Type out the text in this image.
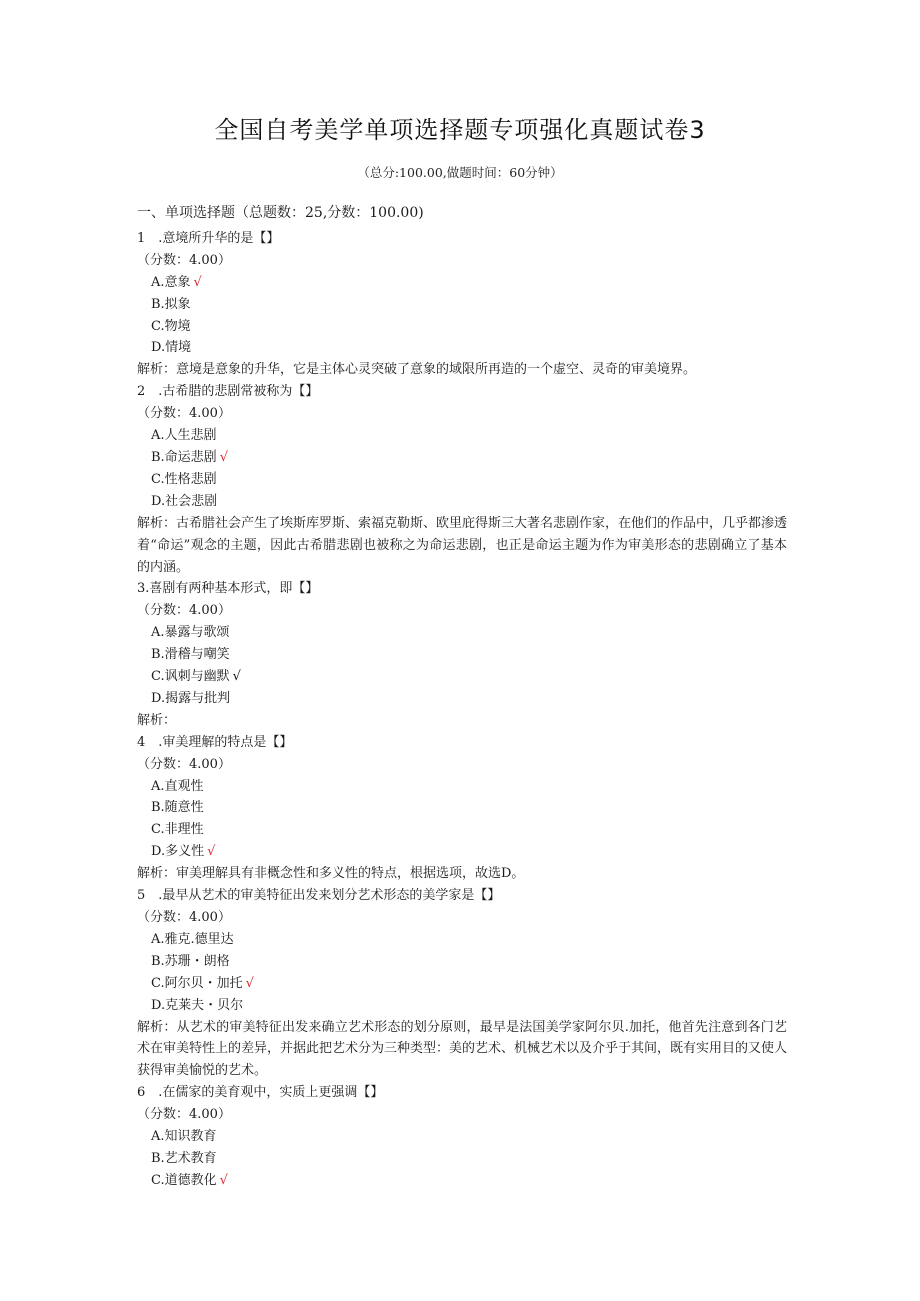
全国自考美学单项选择题专项强化真题试卷3
（总分:100.00,做题时间：60分钟）
一、单项选择题（总题数：25,分数：100.00)
1　.意境所升华的是【】
（分数：4.00）
A.意象 √
B.拟象
C.物境
D.情境
解析：意境是意象的升华，它是主体心灵突破了意象的域限所再造的一个虚空、灵奇的审美境界。
2　.古希腊的悲剧常被称为【】
（分数：4.00）
A.人生悲剧
B.命运悲剧 √
C.性格悲剧
D.社会悲剧
解析：古希腊社会产生了埃斯库罗斯、索福克勒斯、欧里庇得斯三大著名悲剧作家，在他们的作品中，几乎都渗透着“命运”观念的主题，因此古希腊悲剧也被称之为命运悲剧，也正是命运主题为作为审美形态的悲剧确立了基本的内涵。
3.喜剧有两种基本形式，即【】
（分数：4.00）
A.暴露与歌颂
B.滑稽与嘲笑
C.讽刺与幽默 √
D.揭露与批判
解析：
4　.审美理解的特点是【】
（分数：4.00）
A.直观性
B.随意性
C.非理性
D.多义性 √
解析：审美理解具有非概念性和多义性的特点，根据选项，故选D。
5　.最早从艺术的审美特征出发来划分艺术形态的美学家是【】
（分数：4.00）
A.雅克.德里达
B.苏珊・朗格
C.阿尔贝・加托 √
D.克莱夫・贝尔
解析：从艺术的审美特征出发来确立艺术形态的划分原则，最早是法国美学家阿尔贝.加托，他首先注意到各门艺术在审美特性上的差异，并据此把艺术分为三种类型：美的艺术、机械艺术以及介乎于其间，既有实用目的又使人获得审美愉悦的艺术。
6　.在儒家的美育观中，实质上更强调【】
（分数：4.00）
A.知识教育
B.艺术教育
C.道德教化 √
